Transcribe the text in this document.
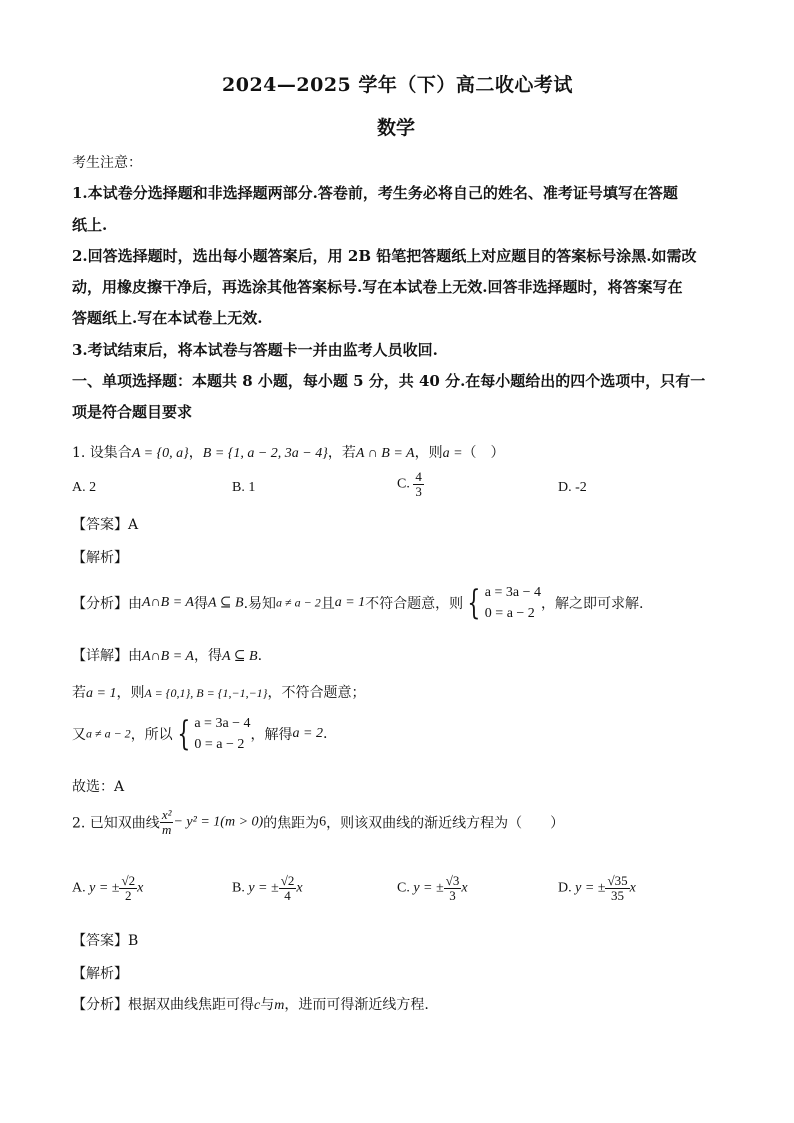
2024—2025 学年（下）高二收心考试
数学
考生注意：
1.本试卷分选择题和非选择题两部分.答卷前，考生务必将自己的姓名、准考证号填写在答题
纸上.
2.回答选择题时，选出每小题答案后，用 2B 铅笔把答题纸上对应题目的答案标号涂黑.如需改
动，用橡皮擦干净后，再选涂其他答案标号.写在本试卷上无效.回答非选择题时，将答案写在
答题纸上.写在本试卷上无效.
3.考试结束后，将本试卷与答题卡一并由监考人员收回.
一、单项选择题：本题共 8 小题，每小题 5 分，共 40 分.在每小题给出的四个选项中，只有一
项是符合题目要求
1. 设集合A = {0, a}，B = {1, a − 2, 3a − 4}，若A ∩ B = A，则a =（　）
A. 2	B. 1	C. $\frac{4}{3}$	D. -2
【答案】A
【解析】
【分析】由A∩B = A得A ⊆ B.易知a ≠ a − 2且a = 1不符合题意，则 { a = 3a − 4
0 = a − 2
，解之即可求解.
【详解】由A∩B = A，得A ⊆ B.
若a = 1，则A = {0,1}, B = {1,−1,−1}，不符合题意；
又a ≠ a − 2，所以 { a = 3a − 4
0 = a − 2
，解得a = 2.
故选：A
2. 已知双曲线 $\frac{\text{x²}}{m} - y^2 = 1(m > 0)$的焦距为6，则该双曲线的渐近线方程为（　　）
A. y = ± $\frac{√2}{2}$ x	B. y = ± $\frac{√2}{4}$ x	C. y = ± $\frac{√3}{3}$ x	D. y = ± $\frac{√35}{35}$ x
【答案】B
【解析】
【分析】根据双曲线焦距可得c与m，进而可得渐近线方程.
